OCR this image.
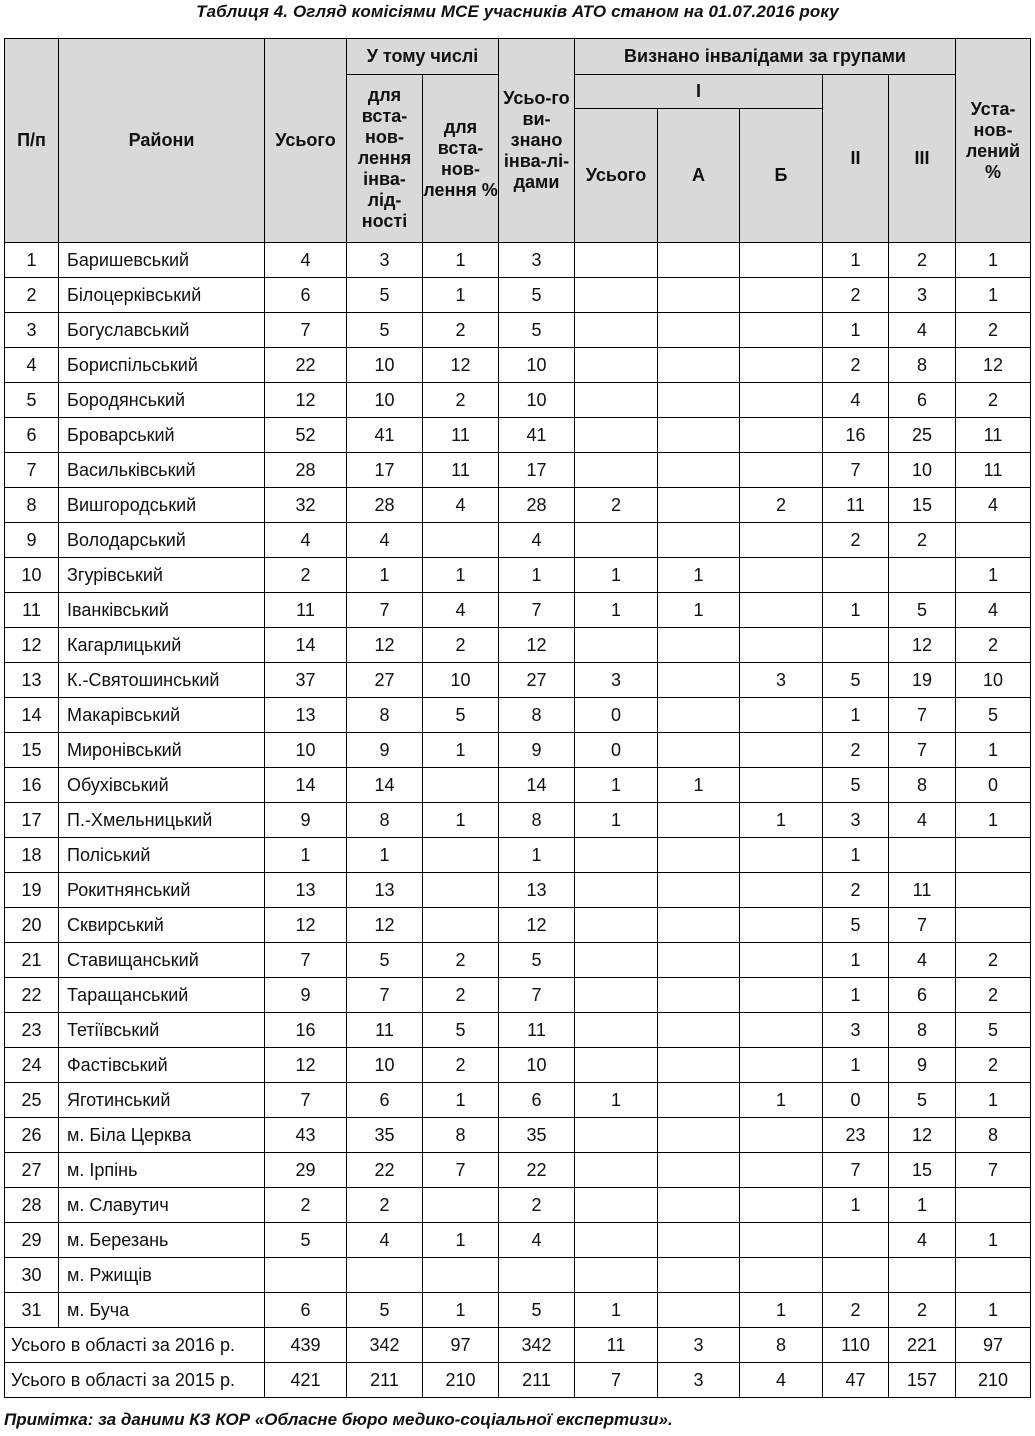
Таблиця 4. Огляд комісіями МСЕ учасників АТО станом на 01.07.2016 року
П/п	Райони	Усього	У тому числі		Усьо-го ви-знано інва-лі-дами	Визнано інвалідами за групами					Уста-нов-лений %
			для вста-нов-лення інва-лід-ності	для вста-нов-лення %		I			II	III	
						Усього	А	Б			

1	Баришевський	4	3	1	3				1	2	1
2	Білоцерківський	6	5	1	5				2	3	1
3	Богуславський	7	5	2	5				1	4	2
4	Бориспільський	22	10	12	10				2	8	12
5	Бородянський	12	10	2	10				4	6	2
6	Броварський	52	41	11	41				16	25	11
7	Васильківський	28	17	11	17				7	10	11
8	Вишгородський	32	28	4	28	2		2	11	15	4
9	Володарський	4	4		4				2	2	
10	Згурівський	2	1	1	1	1	1				1
11	Іванківський	11	7	4	7	1	1		1	5	4
12	Кагарлицький	14	12	2	12					12	2
13	К.-Святошинський	37	27	10	27	3		3	5	19	10
14	Макарівський	13	8	5	8	0			1	7	5
15	Миронівський	10	9	1	9	0			2	7	1
16	Обухівський	14	14		14	1	1		5	8	0
17	П.-Хмельницький	9	8	1	8	1		1	3	4	1
18	Поліський	1	1		1				1		
19	Рокитнянський	13	13		13				2	11	
20	Сквирський	12	12		12				5	7	
21	Ставищанський	7	5	2	5				1	4	2
22	Таращанський	9	7	2	7				1	6	2
23	Тетіївський	16	11	5	11				3	8	5
24	Фастівський	12	10	2	10				1	9	2
25	Яготинський	7	6	1	6	1		1	0	5	1
26	м. Біла Церква	43	35	8	35				23	12	8
27	м. Ірпінь	29	22	7	22				7	15	7
28	м. Славутич	2	2		2				1	1	
29	м. Березань	5	4	1	4					4	1
30	м. Ржищів										
31	м. Буча	6	5	1	5	1		1	2	2	1
Усього в області за 2016 р.		439	342	97	342	11	3	8	110	221	97
Усього в області за 2015 р.		421	211	210	211	7	3	4	47	157	210
Примітка: за даними КЗ КОР «Обласне бюро медико-соціальної експертизи».
